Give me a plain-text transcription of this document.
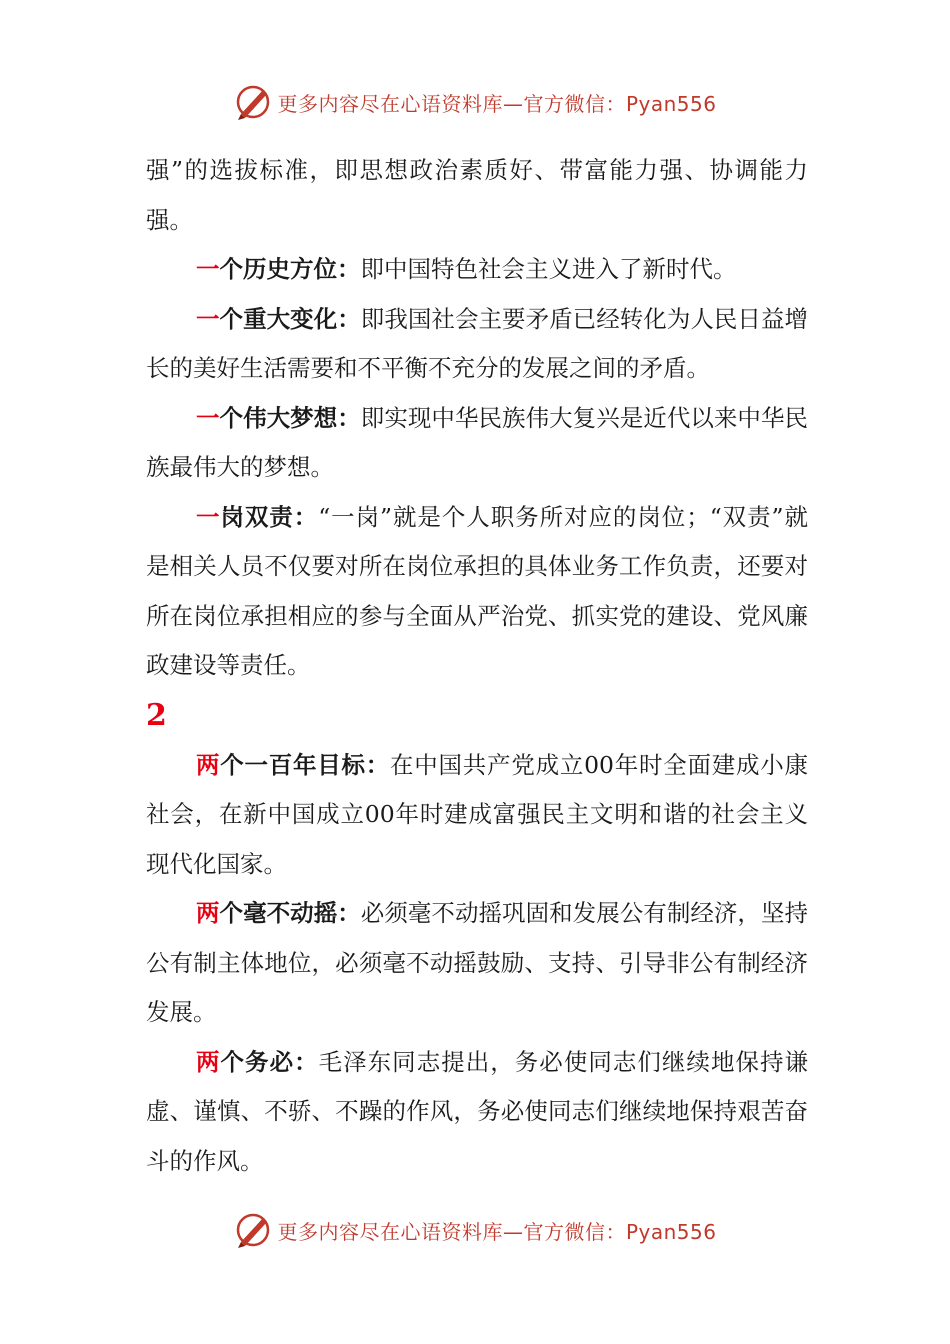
更多内容尽在心语资料库—官方微信：Pyan556

强”的选拔标准，即思想政治素质好、带富能力强、协调能力强。

一个历史方位：即中国特色社会主义进入了新时代。

一个重大变化：即我国社会主要矛盾已经转化为人民日益增长的美好生活需要和不平衡不充分的发展之间的矛盾。

一个伟大梦想：即实现中华民族伟大复兴是近代以来中华民族最伟大的梦想。

一岗双责：“一岗”就是个人职务所对应的岗位；“双责”就是相关人员不仅要对所在岗位承担的具体业务工作负责，还要对所在岗位承担相应的参与全面从严治党、抓实党的建设、党风廉政建设等责任。

2

两个一百年目标：在中国共产党成立00年时全面建成小康社会，在新中国成立00年时建成富强民主文明和谐的社会主义现代化国家。

两个毫不动摇：必须毫不动摇巩固和发展公有制经济，坚持公有制主体地位，必须毫不动摇鼓励、支持、引导非公有制经济发展。

两个务必：毛泽东同志提出，务必使同志们继续地保持谦虚、谨慎、不骄、不躁的作风，务必使同志们继续地保持艰苦奋斗的作风。

更多内容尽在心语资料库—官方微信：Pyan556
